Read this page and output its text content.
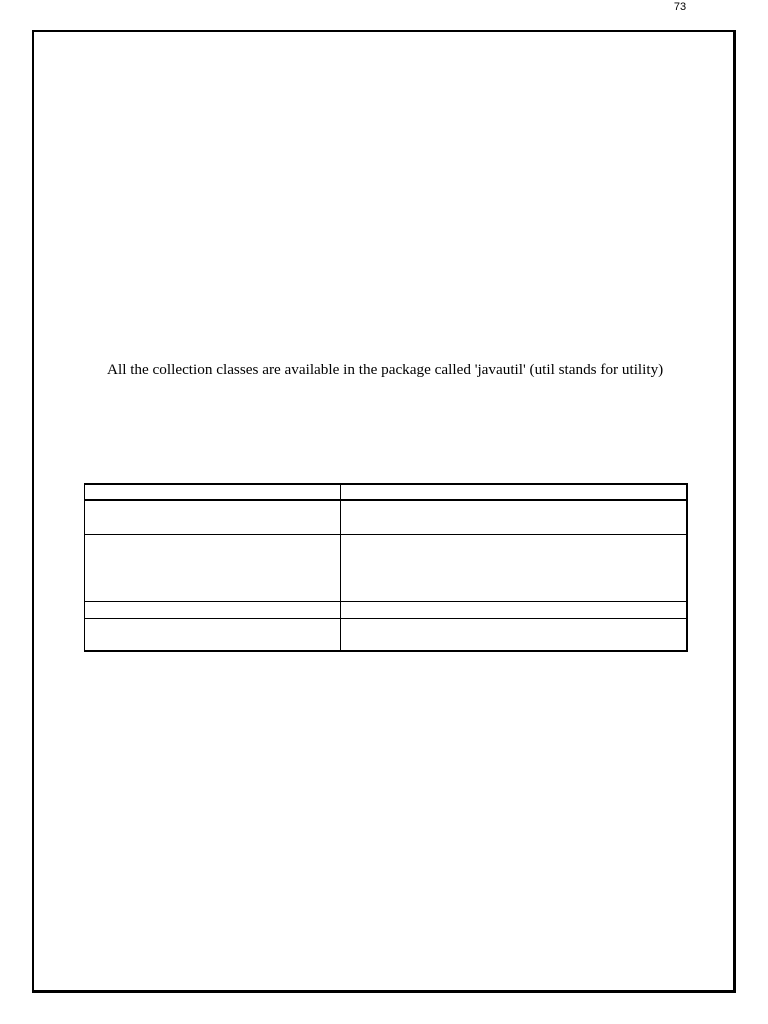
73
All the collection classes are available in the package called 'javautil' (util stands for utility)
